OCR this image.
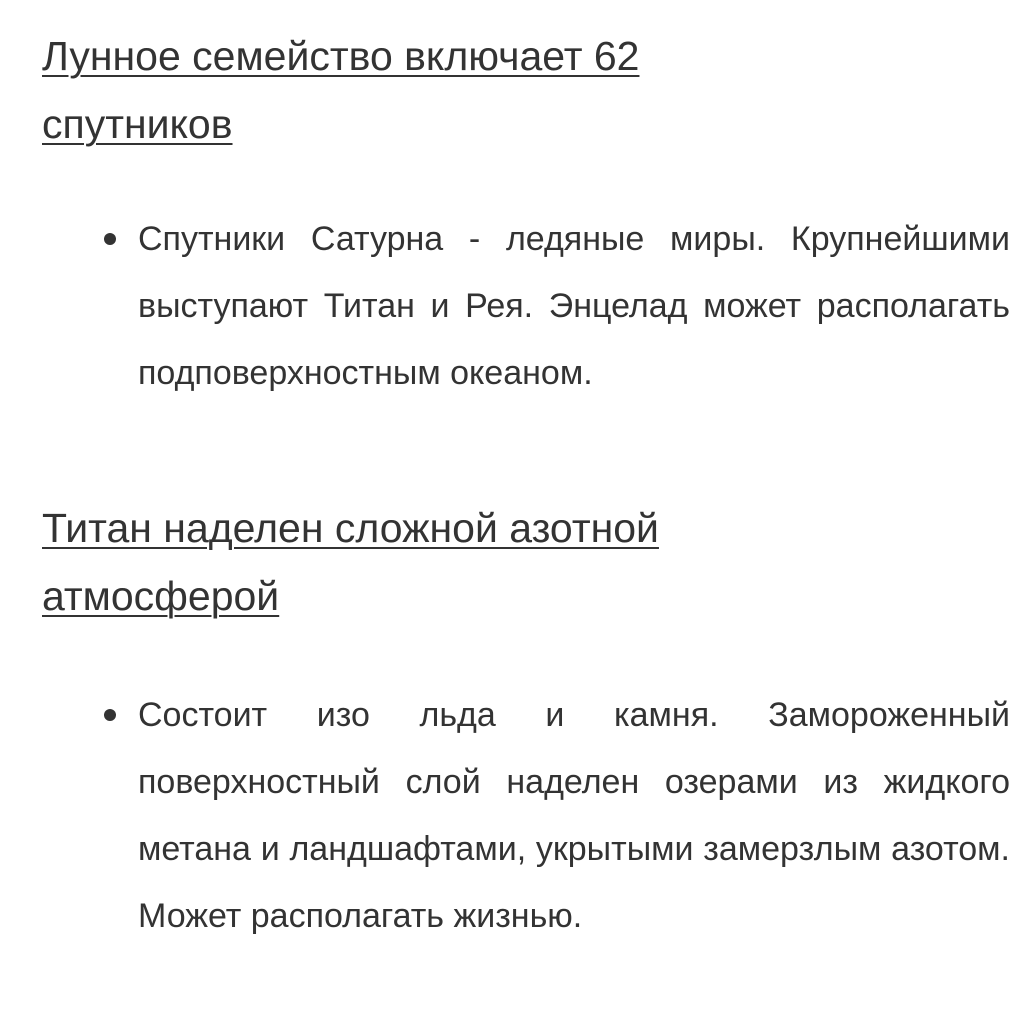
Лунное семейство включает 62 спутников
Спутники Сатурна - ледяные миры. Крупнейшими выступают Титан и Рея. Энцелад может располагать подповерхностным океаном.
Титан наделен сложной азотной атмосферой
Состоит изо льда и камня. Замороженный поверхностный слой наделен озерами из жидкого метана и ландшафтами, укрытыми замерзлым азотом. Может располагать жизнью.
